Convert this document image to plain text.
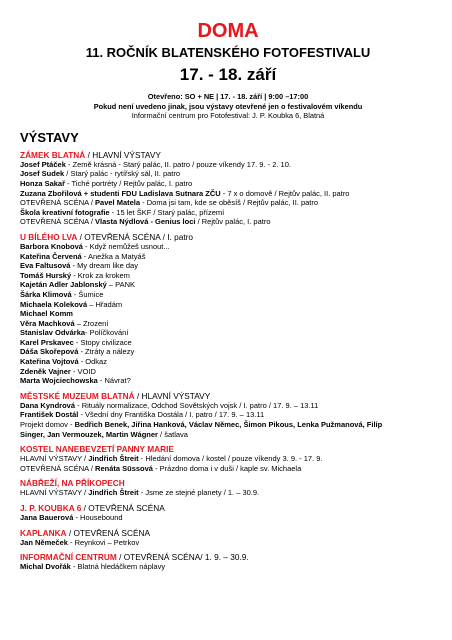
DOMA
11. ROČNÍK BLATENSKÉHO FOTOFESTIVALU
17. - 18. září
Otevřeno: SO + NE | 17. - 18. září | 9:00 –17:00
Pokud není uvedeno jinak, jsou výstavy otevřené jen o festivalovém víkendu
Informační centrum pro Fotofestival: J. P. Koubka 6, Blatná
VÝSTAVY
ZÁMEK BLATNÁ / HLAVNÍ VÝSTAVY
Josef Ptáček - Země krásná - Starý palác, II. patro / pouze víkendy 17. 9. - 2. 10.
Josef Sudek / Starý palác - rytířský sál, II. patro
Honza Sakař - Tiché portréty / Rejtův palác, I. patro
Zuzana Zbořilová + studenti FDU Ladislava Sutnara ZČU - 7 x o domově / Rejtův palác, II. patro
OTEVŘENÁ SCÉNA / Pavel Matela - Doma jsi tam, kde se oběsíš / Rejtův palác, II. patro
Škola kreativní fotografie - 15 let ŠKF / Starý palác, přízemí
OTEVŘENÁ SCÉNA / Vlasta Nýdlová - Genius loci / Rejtův palác, I. patro
U BÍLÉHO LVA / OTEVŘENÁ SCÉNA / I. patro
Barbora Knobová - Když nemůžeš usnout...
Kateřina Červená - Anežka a Matyáš
Eva Faltusová - My dream like day
Tomáš Hurský - Krok za krokem
Kajetán Adler Jablonský – PANK
Šárka Klimová - Šumice
Michaela Koleková – Hřadám
Michael Komm
Věra Machková – Zrození
Stanislav Odvárka- Políčkování
Karel Prskavec - Stopy civilizace
Dáša Skořepová - Ztráty a nálezy
Kateřina Vojtová - Odkaz
Zdeněk Vajner - VOID
Marta Wojciechowska - Návrat?
MĚSTSKÉ MUZEUM BLATNÁ / HLAVNÍ VÝSTAVY
Dana Kyndrová - Rituály normalizace, Odchod Sovětských vojsk / I. patro / 17. 9. – 13.11
František Dostál - Všední dny Františka Dostála / I. patro / 17. 9. – 13.11
Projekt domov - Bedřich Benek, Jiřina Hanková, Václav Němec, Šimon Pikous, Lenka Pužmanová, Filip
Singer, Jan Vermouzek, Martin Wágner / šatlava
KOSTEL NANEBEVZETÍ PANNY MARIE
HLAVNÍ VÝSTAVY / Jindřich Štreit - Hledání domova / kostel / pouze víkendy 3. 9. - 17. 9.
OTEVŘENÁ SCÉNA / Renáta Sūssová - Prázdno doma i v duši / kaple sv. Michaela
NÁBŘEŽÍ, NA PŘÍKOPECH
HLAVNÍ VÝSTAVY / Jindřich Štreit - Jsme ze stejné planety / 1. – 30.9.
J. P. KOUBKA 6 / OTEVŘENÁ SCÉNA
Jana Bauerová - Housebound
KAPLANKA / OTEVŘENÁ SCÉNA
Jan Němeček - Reynkovi – Petrkov
INFORMAČNÍ CENTRUM / OTEVŘENÁ SCÉNA/ 1. 9. – 30.9.
Michal Dvořák - Blatná hledáčkem náplavy
